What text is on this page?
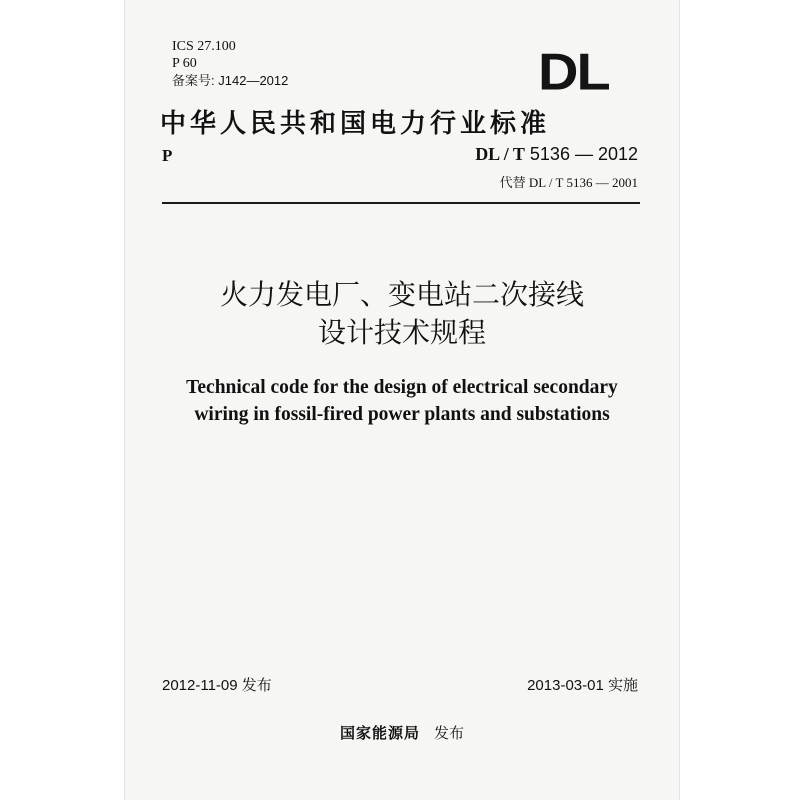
ICS 27.100
P 60
备案号: J142—2012	DL
中华人民共和国电力行业标准
P	DL / T 5136 — 2012
代替 DL / T 5136 — 2001
火力发电厂、变电站二次接线
设计技术规程
Technical code for the design of electrical secondary
wiring in fossil-fired power plants and substations
2012-11-09 发布	2013-03-01 实施
国家能源局 发布
